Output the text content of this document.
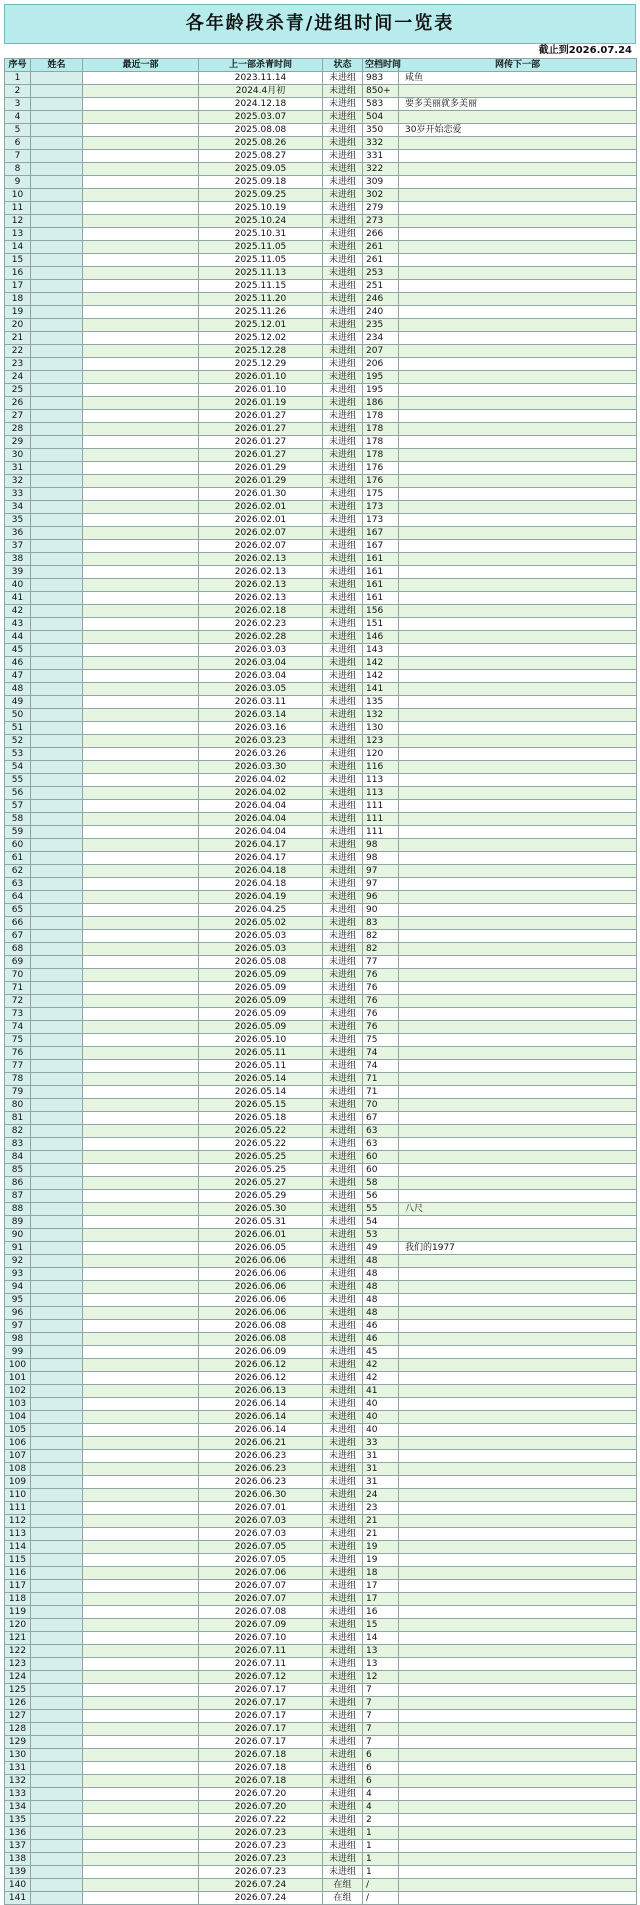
各年龄段杀青/进组时间一览表
截止到2026.07.24
序号	姓名	最近一部	上一部杀青时间	状态	空档时间	网传下一部
1			2023.11.14	未进组	983	咸鱼
2			2024.4月初	未进组	850+	
3			2024.12.18	未进组	583	要多美丽就多美丽
4			2025.03.07	未进组	504	
5			2025.08.08	未进组	350	30岁开始恋爱
6			2025.08.26	未进组	332	
7			2025.08.27	未进组	331	
8			2025.09.05	未进组	322	
9			2025.09.18	未进组	309	
10			2025.09.25	未进组	302	
11			2025.10.19	未进组	279	
12			2025.10.24	未进组	273	
13			2025.10.31	未进组	266	
14			2025.11.05	未进组	261	
15			2025.11.05	未进组	261	
16			2025.11.13	未进组	253	
17			2025.11.15	未进组	251	
18			2025.11.20	未进组	246	
19			2025.11.26	未进组	240	
20			2025.12.01	未进组	235	
21			2025.12.02	未进组	234	
22			2025.12.28	未进组	207	
23			2025.12.29	未进组	206	
24			2026.01.10	未进组	195	
25			2026.01.10	未进组	195	
26			2026.01.19	未进组	186	
27			2026.01.27	未进组	178	
28			2026.01.27	未进组	178	
29			2026.01.27	未进组	178	
30			2026.01.27	未进组	178	
31			2026.01.29	未进组	176	
32			2026.01.29	未进组	176	
33			2026.01.30	未进组	175	
34			2026.02.01	未进组	173	
35			2026.02.01	未进组	173	
36			2026.02.07	未进组	167	
37			2026.02.07	未进组	167	
38			2026.02.13	未进组	161	
39			2026.02.13	未进组	161	
40			2026.02.13	未进组	161	
41			2026.02.13	未进组	161	
42			2026.02.18	未进组	156	
43			2026.02.23	未进组	151	
44			2026.02.28	未进组	146	
45			2026.03.03	未进组	143	
46			2026.03.04	未进组	142	
47			2026.03.04	未进组	142	
48			2026.03.05	未进组	141	
49			2026.03.11	未进组	135	
50			2026.03.14	未进组	132	
51			2026.03.16	未进组	130	
52			2026.03.23	未进组	123	
53			2026.03.26	未进组	120	
54			2026.03.30	未进组	116	
55			2026.04.02	未进组	113	
56			2026.04.02	未进组	113	
57			2026.04.04	未进组	111	
58			2026.04.04	未进组	111	
59			2026.04.04	未进组	111	
60			2026.04.17	未进组	98	
61			2026.04.17	未进组	98	
62			2026.04.18	未进组	97	
63			2026.04.18	未进组	97	
64			2026.04.19	未进组	96	
65			2026.04.25	未进组	90	
66			2026.05.02	未进组	83	
67			2026.05.03	未进组	82	
68			2026.05.03	未进组	82	
69			2026.05.08	未进组	77	
70			2026.05.09	未进组	76	
71			2026.05.09	未进组	76	
72			2026.05.09	未进组	76	
73			2026.05.09	未进组	76	
74			2026.05.09	未进组	76	
75			2026.05.10	未进组	75	
76			2026.05.11	未进组	74	
77			2026.05.11	未进组	74	
78			2026.05.14	未进组	71	
79			2026.05.14	未进组	71	
80			2026.05.15	未进组	70	
81			2026.05.18	未进组	67	
82			2026.05.22	未进组	63	
83			2026.05.22	未进组	63	
84			2026.05.25	未进组	60	
85			2026.05.25	未进组	60	
86			2026.05.27	未进组	58	
87			2026.05.29	未进组	56	
88			2026.05.30	未进组	55	八尺
89			2026.05.31	未进组	54	
90			2026.06.01	未进组	53	
91			2026.06.05	未进组	49	我们的1977
92			2026.06.06	未进组	48	
93			2026.06.06	未进组	48	
94			2026.06.06	未进组	48	
95			2026.06.06	未进组	48	
96			2026.06.06	未进组	48	
97			2026.06.08	未进组	46	
98			2026.06.08	未进组	46	
99			2026.06.09	未进组	45	
100			2026.06.12	未进组	42	
101			2026.06.12	未进组	42	
102			2026.06.13	未进组	41	
103			2026.06.14	未进组	40	
104			2026.06.14	未进组	40	
105			2026.06.14	未进组	40	
106			2026.06.21	未进组	33	
107			2026.06.23	未进组	31	
108			2026.06.23	未进组	31	
109			2026.06.23	未进组	31	
110			2026.06.30	未进组	24	
111			2026.07.01	未进组	23	
112			2026.07.03	未进组	21	
113			2026.07.03	未进组	21	
114			2026.07.05	未进组	19	
115			2026.07.05	未进组	19	
116			2026.07.06	未进组	18	
117			2026.07.07	未进组	17	
118			2026.07.07	未进组	17	
119			2026.07.08	未进组	16	
120			2026.07.09	未进组	15	
121			2026.07.10	未进组	14	
122			2026.07.11	未进组	13	
123			2026.07.11	未进组	13	
124			2026.07.12	未进组	12	
125			2026.07.17	未进组	7	
126			2026.07.17	未进组	7	
127			2026.07.17	未进组	7	
128			2026.07.17	未进组	7	
129			2026.07.17	未进组	7	
130			2026.07.18	未进组	6	
131			2026.07.18	未进组	6	
132			2026.07.18	未进组	6	
133			2026.07.20	未进组	4	
134			2026.07.20	未进组	4	
135			2026.07.22	未进组	2	
136			2026.07.23	未进组	1	
137			2026.07.23	未进组	1	
138			2026.07.23	未进组	1	
139			2026.07.23	未进组	1	
140			2026.07.24	在组	/	
141			2026.07.24	在组	/	
